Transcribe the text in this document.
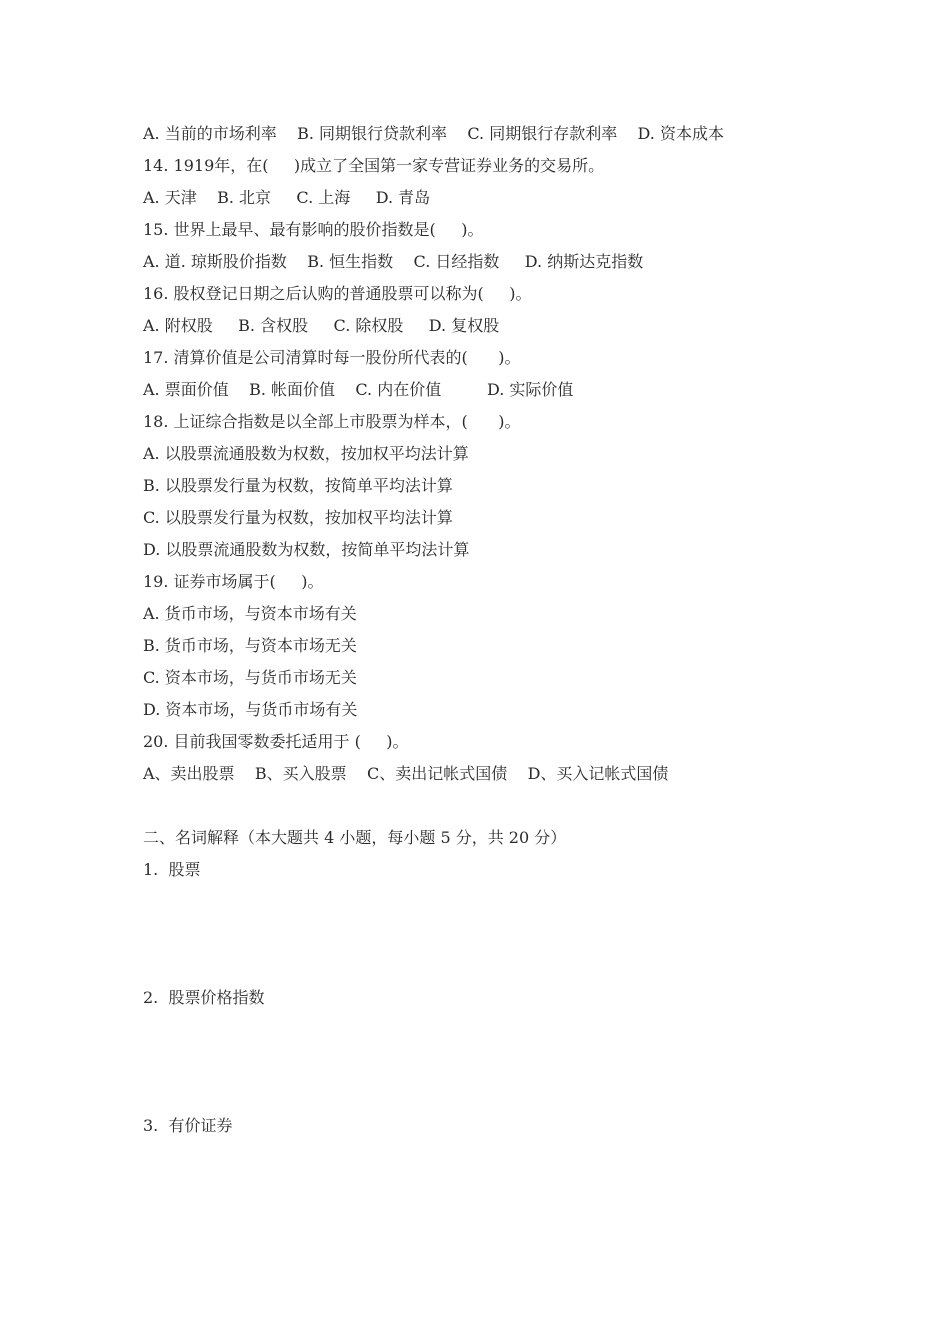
A. 当前的市场利率    B. 同期银行贷款利率    C. 同期银行存款利率    D. 资本成本
14. 1919年，在(     )成立了全国第一家专营证券业务的交易所。
A. 天津    B. 北京     C. 上海     D. 青岛
15. 世界上最早、最有影响的股价指数是(     )。
A. 道. 琼斯股价指数    B. 恒生指数    C. 日经指数     D. 纳斯达克指数
16. 股权登记日期之后认购的普通股票可以称为(     )。
A. 附权股     B. 含权股     C. 除权股     D. 复权股
17. 清算价值是公司清算时每一股份所代表的(      )。
A. 票面价值    B. 帐面价值    C. 内在价值         D. 实际价值
18. 上证综合指数是以全部上市股票为样本，(      )。
A. 以股票流通股数为权数，按加权平均法计算
B. 以股票发行量为权数，按简单平均法计算
C. 以股票发行量为权数，按加权平均法计算
D. 以股票流通股数为权数，按简单平均法计算
19. 证券市场属于(     )。
A. 货币市场，与资本市场有关
B. 货币市场，与资本市场无关
C. 资本市场，与货币市场无关
D. 资本市场，与货币市场有关
20. 目前我国零数委托适用于 (     )。
A、卖出股票    B、买入股票    C、卖出记帐式国债    D、买入记帐式国债
二、名词解释（本大题共 4 小题，每小题 5 分，共 20 分）
1.  股票
2.  股票价格指数
3.  有价证券
